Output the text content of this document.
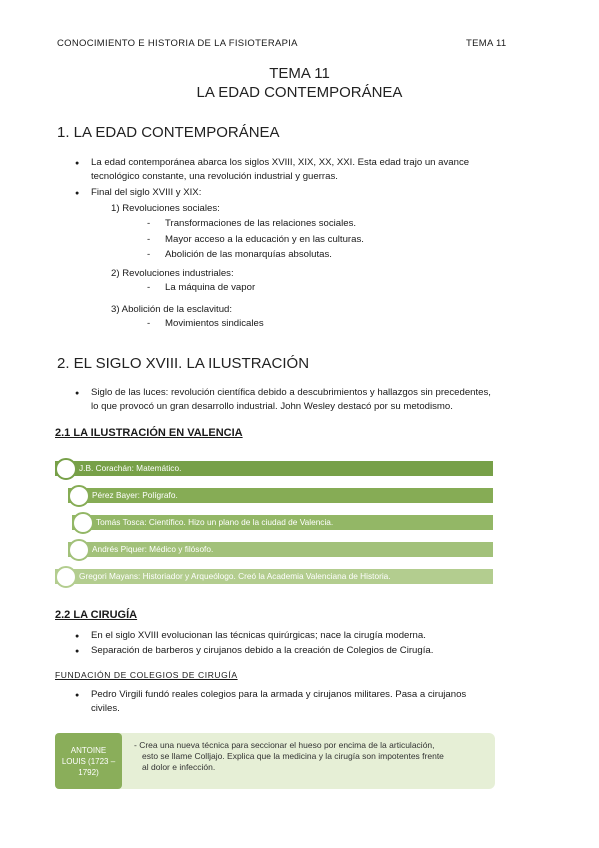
CONOCIMIENTO E HISTORIA DE LA FISIOTERAPIA	TEMA 11
TEMA 11
LA EDAD CONTEMPORÁNEA
1. LA EDAD CONTEMPORÁNEA
● La edad contemporánea abarca los siglos XVIII, XIX, XX, XXI. Esta edad trajo un avance
tecnológico constante, una revolución industrial y guerras.
● Final del siglo XVIII y XIX:
1) Revoluciones sociales:
- Transformaciones de las relaciones sociales.
- Mayor acceso a la educación y en las culturas.
- Abolición de las monarquías absolutas.
2) Revoluciones industriales:
- La máquina de vapor
3) Abolición de la esclavitud:
- Movimientos sindicales
2. EL SIGLO XVIII. LA ILUSTRACIÓN
● Siglo de las luces: revolución científica debido a descubrimientos y hallazgos sin precedentes,
lo que provocó un gran desarrollo industrial. John Wesley destacó por su metodismo.
2.1 LA ILUSTRACIÓN EN VALENCIA
J.B. Corachán: Matemático.
Pérez Bayer: Polígrafo.
Tomás Tosca: Científico. Hizo un plano de la ciudad de Valencia.
Andrés Piquer: Médico y filósofo.
Gregori Mayans: Historiador y Arqueólogo. Creó la Academia Valenciana de Historia.
2.2 LA CIRUGÍA
● En el siglo XVIII evolucionan las técnicas quirúrgicas; nace la cirugía moderna.
● Separación de barberos y cirujanos debido a la creación de Colegios de Cirugía.
FUNDACIÓN DE COLEGIOS DE CIRUGÍA
● Pedro Virgili fundó reales colegios para la armada y cirujanos militares. Pasa a cirujanos
civiles.
ANTOINE LOUIS (1723 – 1792)
- Crea una nueva técnica para seccionar el hueso por encima de la articulación,
esto se llame Colljajo. Explica que la medicina y la cirugía son impotentes frente
al dolor e infección.
